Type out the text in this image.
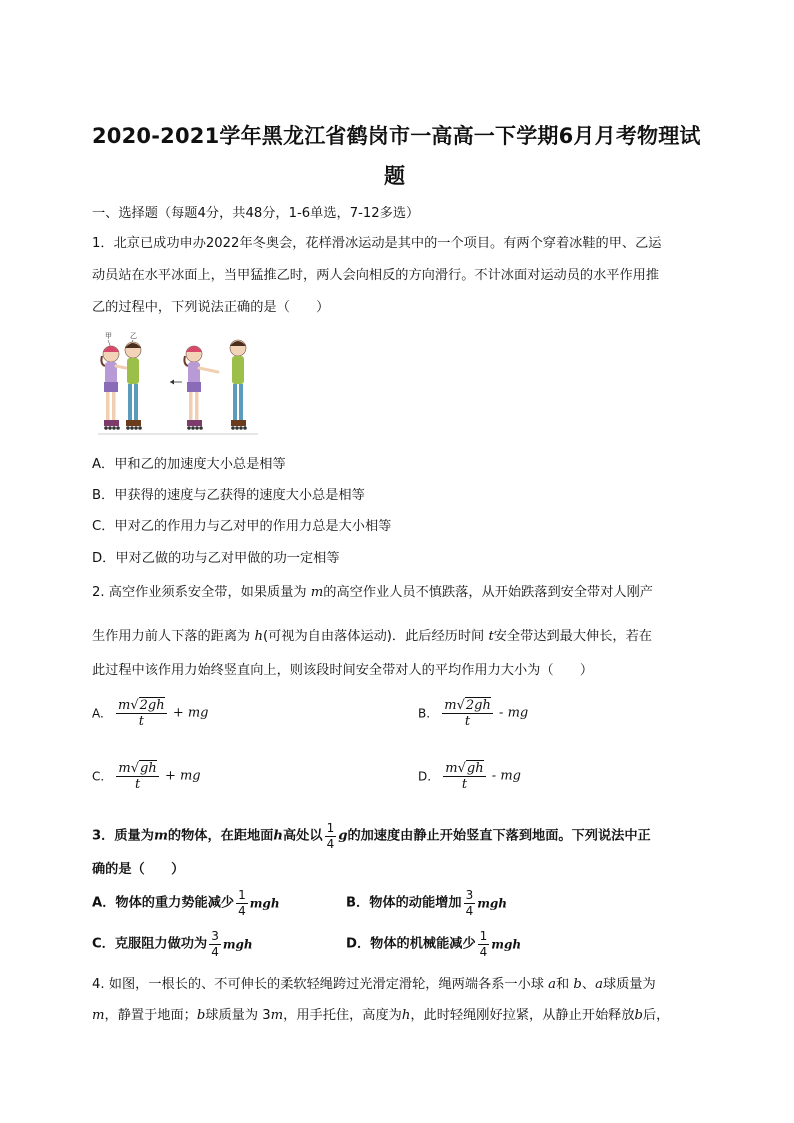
2020-2021学年黑龙江省鹤岗市一高高一下学期6月月考物理试
题
一、选择题（每题4分，共48分，1-6单选，7-12多选）
1．北京已成功申办2022年冬奥会，花样滑冰运动是其中的一个项目。有两个穿着冰鞋的甲、乙运
动员站在水平冰面上，当甲猛推乙时，两人会向相反的方向滑行。不计冰面对运动员的水平作用推
乙的过程中，下列说法正确的是（　　）
甲	乙
A．甲和乙的加速度大小总是相等
B．甲获得的速度与乙获得的速度大小总是相等
C．甲对乙的作用力与乙对甲的作用力总是大小相等
D．甲对乙做的功与乙对甲做的功一定相等
2. 高空作业须系安全带，如果质量为 m的高空作业人员不慎跌落，从开始跌落到安全带对人刚产
生作用力前人下落的距离为 h(可视为自由落体运动)．此后经历时间 t安全带达到最大伸长，若在
此过程中该作用力始终竖直向上，则该段时间安全带对人的平均作用力大小为（　　）
A. $\frac{m√2gh}{t}$ + mg	B. $\frac{m√2gh}{t}$ - mg
C. $\frac{m√gh}{t}$ + mg	D. $\frac{m√gh}{t}$ - mg
3．质量为m的物体，在距地面h高处以 $\frac{1}{4}$ g的加速度由静止开始竖直下落到地面。下列说法中正
确的是（　　）
A．物体的重力势能减少 $\frac{1}{4}$ mgh	B．物体的动能增加 $\frac{3}{4}$ mgh
C．克服阻力做功为 $\frac{3}{4}$ mgh	D．物体的机械能减少 $\frac{1}{4}$ mgh
4. 如图，一根长的、不可伸长的柔软轻绳跨过光滑定滑轮，绳两端各系一小球 a和 b、a球质量为
m，静置于地面；b球质量为 3m，用手托住，高度为h，此时轻绳刚好拉紧，从静止开始释放b后，
